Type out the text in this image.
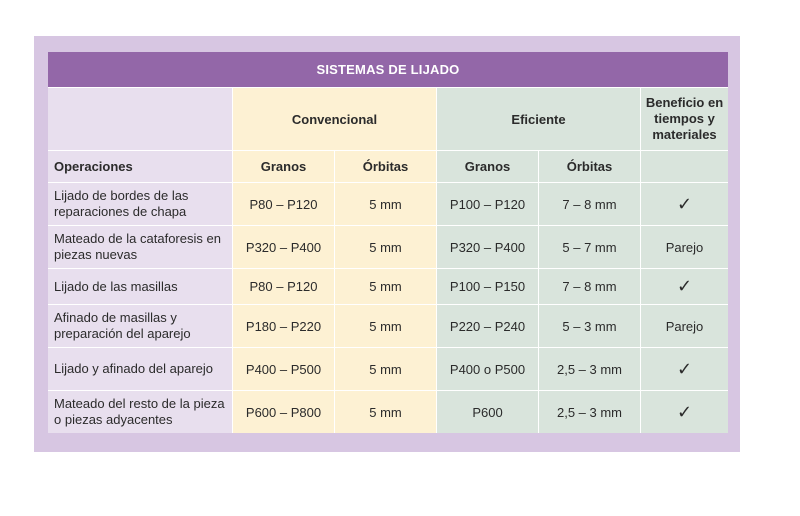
SISTEMAS DE LIJADO
Convencional	Eficiente
Beneficio en tiempos y materiales
Operaciones	Granos	Órbitas	Granos	Órbitas
Lijado de bordes de las reparaciones de chapa	P80 – P120	5 mm	P100 – P120	7 – 8 mm	✓
Mateado de la cataforesis en piezas nuevas	P320 – P400	5 mm	P320 – P400	5 – 7 mm	Parejo
Lijado de las masillas	P80 – P120	5 mm	P100 – P150	7 – 8 mm	✓
Afinado de masillas y preparación del aparejo	P180 – P220	5 mm	P220 – P240	5 – 3 mm	Parejo
Lijado y afinado del aparejo	P400 – P500	5 mm	P400 o P500	2,5 – 3 mm	✓
Mateado del resto de la pieza o piezas adyacentes	P600 – P800	5 mm	P600	2,5 – 3 mm	✓
